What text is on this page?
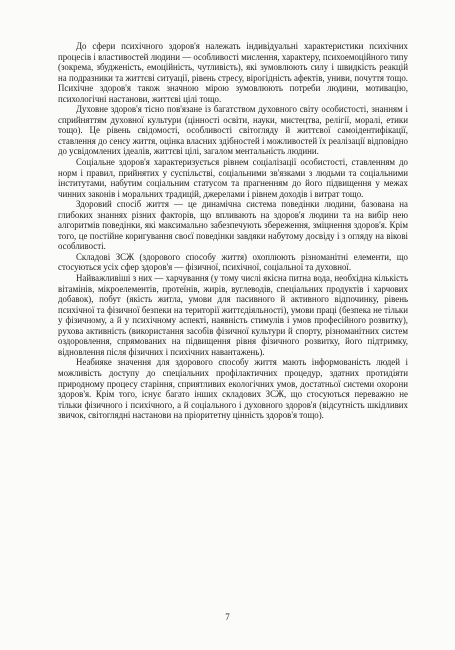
До сфери психічного здоров'я належать індивідуальні характеристики психічних процесів і властивостей людини — особливості мислення, характеру, психоемоційного типу (зокрема, збудженість, емоційність, чутливість), які зумовлюють силу і швидкість реакцій на подразники та життєві ситуації, рівень стресу, вірогідність афектів, униви, почуття тощо. Психічне здоров'я також значною мірою зумовлюють потреби людини, мотивацію, психологічні настанови, життєві цілі тощо.

Духовне здоров'я тісно пов'язане із багатством духовного світу особистості, знанням і сприйняттям духовної культури (цінності освіти, науки, мистецтва, релігії, моралі, етики тощо). Це рівень свідомості, особливості світогляду й життєвої самоідентифікації, ставлення до сенсу життя, оцінка власних здібностей і можливостей їх реалізації відповідно до усвідомлених ідеалів, життєві цілі, загалом ментальність людини.

Соціальне здоров'я характеризується рівнем соціалізації особистості, ставленням до норм і правил, прийнятих у суспільстві, соціальними зв'язками з людьми та соціальними інститутами, набутим соціальним статусом та прагненням до його підвищення у межах чинних законів і моральних традицій, джерелами і рівнем доходів і витрат тощо.

Здоровий спосіб життя — це динамічна система поведінки людини, базована на глибоких знаннях різних факторів, що впливають на здоров'я людини та на вибір нею алгоритмів поведінки, які максимально забезпечують збереження, зміцнення здоров'я. Крім того, це постійне коригування своєї поведінки завдяки набутому досвіду і з огляду на вікові особливості.

Складові ЗСЖ (здорового способу життя) охоплюють різноманітні елементи, що стосуються усіх сфер здоров'я — фізичної, психічної, соціальної та духовної.

Найважливіші з них — харчування (у тому числі якісна питна вода, необхідна кількість вітамінів, мікроелементів, протеїнів, жирів, вуглеводів, спеціальних продуктів і харчових добавок), побут (якість житла, умови для пасивного й активного відпочинку, рівень психічної та фізичної безпеки на території життєдіяльності), умови праці (безпека не тільки у фізичному, а й у психічному аспекті, наявність стимулів і умов професійного розвитку), рухова активність (використання засобів фізичної культури й спорту, різноманітних систем оздоровлення, спрямованих на підвищення рівня фізичного розвитку, його підтримку, відновлення після фізичних і психічних навантажень).

Неабияке значення для здорового способу життя мають інформованість людей і можливість доступу до спеціальних профілактичних процедур, здатних протидіяти природному процесу старіння, сприятливих екологічних умов, достатньої системи охорони здоров'я. Крім того, існує багато інших складових ЗСЖ, що стосуються переважно не тільки фізичного і психічного, а й соціального і духовного здоров'я (відсутність шкідливих звичок, світоглядні настанови на пріоритетну цінність здоров'я тощо).

7
